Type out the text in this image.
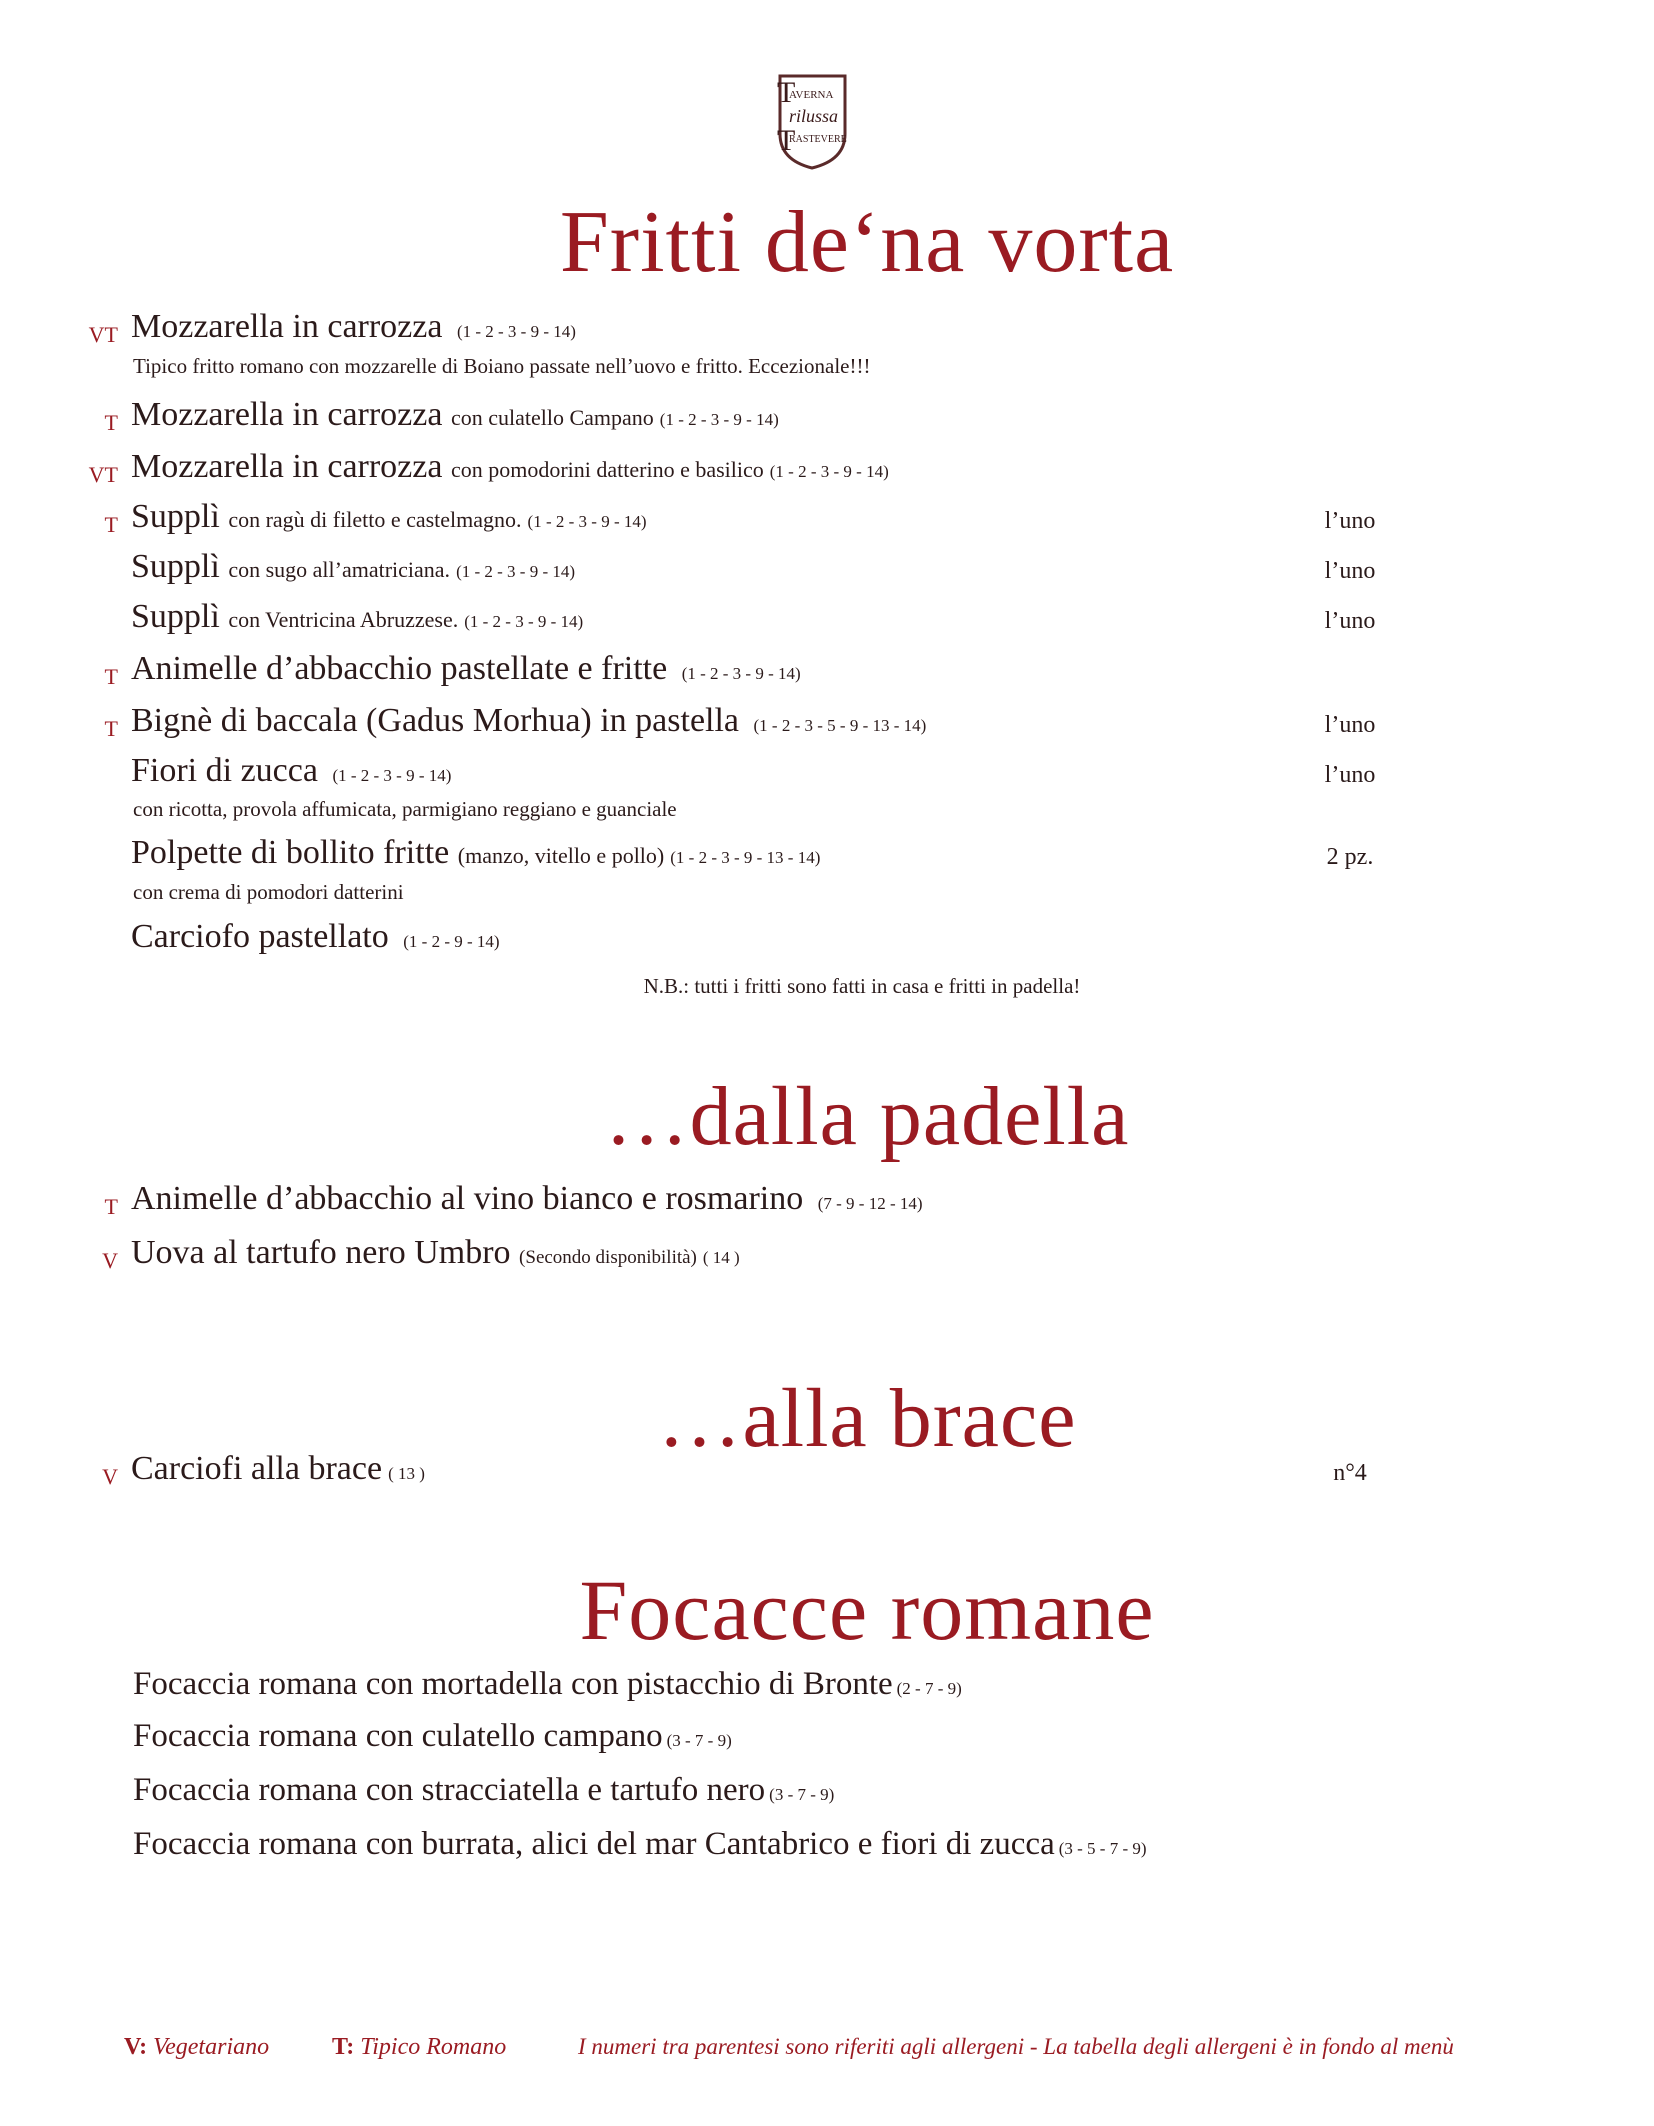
AVERNA
rilussa
RASTEVERE
T
T
Fritti de‘na vorta
…dalla padella
…alla brace
Focacce romane
VT Mozzarella in carrozza (1 - 2 - 3 - 9 - 14)
Tipico fritto romano con mozzarelle di Boiano passate nell’uovo e fritto. Eccezionale!!!
T Mozzarella in carrozza con culatello Campano (1 - 2 - 3 - 9 - 14)
VT Mozzarella in carrozza con pomodorini datterino e basilico (1 - 2 - 3 - 9 - 14)
T Supplì con ragù di filetto e castelmagno. (1 - 2 - 3 - 9 - 14)	l’uno
Supplì con sugo all’amatriciana. (1 - 2 - 3 - 9 - 14)	l’uno
Supplì con Ventricina Abruzzese. (1 - 2 - 3 - 9 - 14)	l’uno
T Animelle d’abbacchio pastellate e fritte (1 - 2 - 3 - 9 - 14)
T Bignè di baccala (Gadus Morhua) in pastella (1 - 2 - 3 - 5 - 9 - 13 - 14)	l’uno
Fiori di zucca (1 - 2 - 3 - 9 - 14)	l’uno
con ricotta, provola affumicata, parmigiano reggiano e guanciale
Polpette di bollito fritte (manzo, vitello e pollo) (1 - 2 - 3 - 9 - 13 - 14)	2 pz.
con crema di pomodori datterini
Carciofo pastellato (1 - 2 - 9 - 14)
N.B.: tutti i fritti sono fatti in casa e fritti in padella!
T Animelle d’abbacchio al vino bianco e rosmarino (7 - 9 - 12 - 14)
V Uova al tartufo nero Umbro (Secondo disponibilità) ( 14 )
V Carciofi alla brace ( 13 )	n°4
Focaccia romana con mortadella con pistacchio di Bronte (2 - 7 - 9)
Focaccia romana con culatello campano (3 - 7 - 9)
Focaccia romana con stracciatella e tartufo nero (3 - 7 - 9)
Focaccia romana con burrata, alici del mar Cantabrico e fiori di zucca (3 - 5 - 7 - 9)
V: Vegetariano	T: Tipico Romano	I numeri tra parentesi sono riferiti agli allergeni - La tabella degli allergeni è in fondo al menù
